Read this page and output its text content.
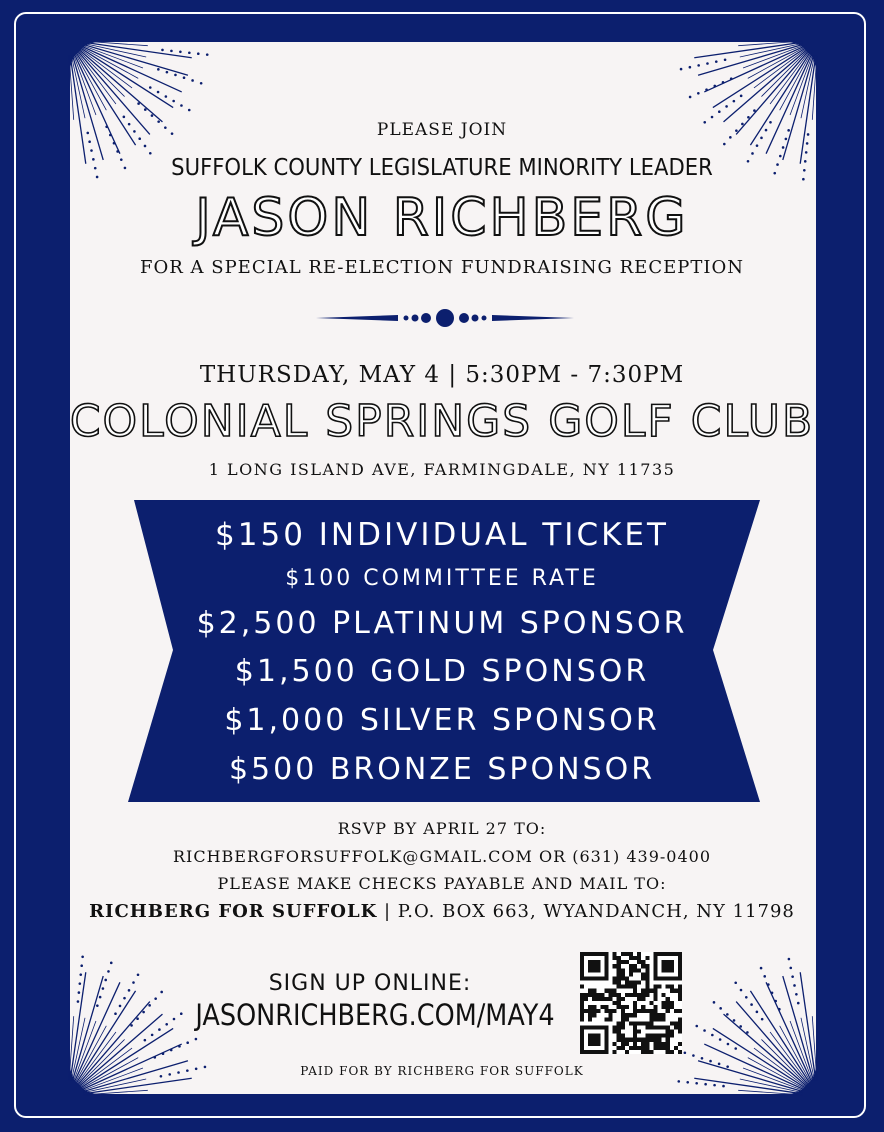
PLEASE JOIN
SUFFOLK COUNTY LEGISLATURE MINORITY LEADER
JASON RICHBERG
FOR A SPECIAL RE-ELECTION FUNDRAISING RECEPTION
THURSDAY, MAY 4 | 5:30PM - 7:30PM
COLONIAL SPRINGS GOLF CLUB
1 LONG ISLAND AVE, FARMINGDALE, NY 11735
$150 INDIVIDUAL TICKET
$100 COMMITTEE RATE
$2,500 PLATINUM SPONSOR
$1,500 GOLD SPONSOR
$1,000 SILVER SPONSOR
$500 BRONZE SPONSOR
RSVP BY APRIL 27 TO:
RICHBERGFORSUFFOLK@GMAIL.COM OR (631) 439-0400
PLEASE MAKE CHECKS PAYABLE AND MAIL TO:
RICHBERG FOR SUFFOLK | P.O. BOX 663, WYANDANCH, NY 11798
SIGN UP ONLINE:
JASONRICHBERG.COM/MAY4
PAID FOR BY RICHBERG FOR SUFFOLK
